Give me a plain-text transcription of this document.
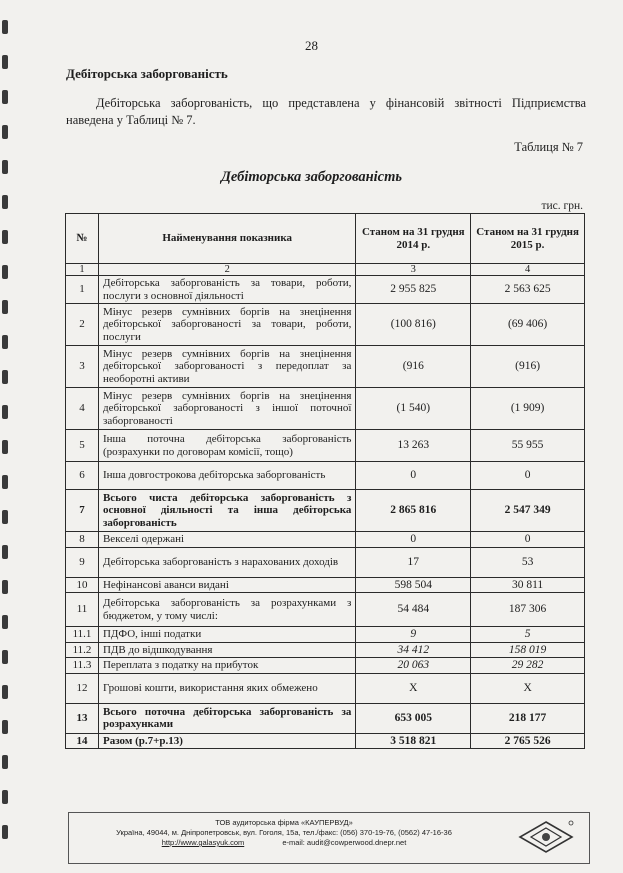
28
Дебіторська заборгованість
Дебіторська заборгованість, що представлена у фінансовій звітності Підприємства наведена у Таблиці № 7.
Таблиця № 7
Дебіторська заборгованість
тис. грн.
№	Найменування показника	Станом на 31 грудня 2014 р.	Станом на 31 грудня 2015 р.
1	2	3	4
1	Дебіторська заборгованість за товари, роботи, послуги з основної діяльності	2 955 825	2 563 625
2	Мінус резерв сумнівних боргів на знецінення дебіторської заборгованості за товари, роботи, послуги	(100 816)	(69 406)
3	Мінус резерв сумнівних боргів на знецінення дебіторської заборгованості з передоплат за необоротні активи	(916	(916)
4	Мінус резерв сумнівних боргів на знецінення дебіторської заборгованості з іншої поточної заборгованості	(1 540)	(1 909)
5	Інша поточна дебіторська заборгованість (розрахунки по договорам комісії, тощо)	13 263	55 955
6	Інша довгострокова дебіторська заборгованість	0	0
7	Всього чиста дебіторська заборгованість з основної діяльності та інша дебіторська заборгованість	2 865 816	2 547 349
8	Векселі одержані	0	0
9	Дебіторська заборгованість з нарахованих доходів	17	53
10	Нефінансові аванси видані	598 504	30 811
11	Дебіторська заборгованість за розрахунками з бюджетом, у тому числі:	54 484	187 306
11.1	ПДФО, інші податки	9	5
11.2	ПДВ до відшкодування	34 412	158 019
11.3	Переплата з податку на прибуток	20 063	29 282
12	Грошові кошти, використання яких обмежено	Х	Х
13	Всього поточна дебіторська заборгованість за розрахунками	653 005	218 177
14	Разом (р.7+р.13)	3 518 821	2 765 526
ТОВ аудиторська фірма «КАУПЕРВУД»
Україна, 49044, м. Дніпропетровськ, вул. Гоголя, 15а, тел./факс: (056) 370-19-76, (0562) 47-16-36
http://www.galasyuk.com	e-mail: audit@cowperwood.dnepr.net
